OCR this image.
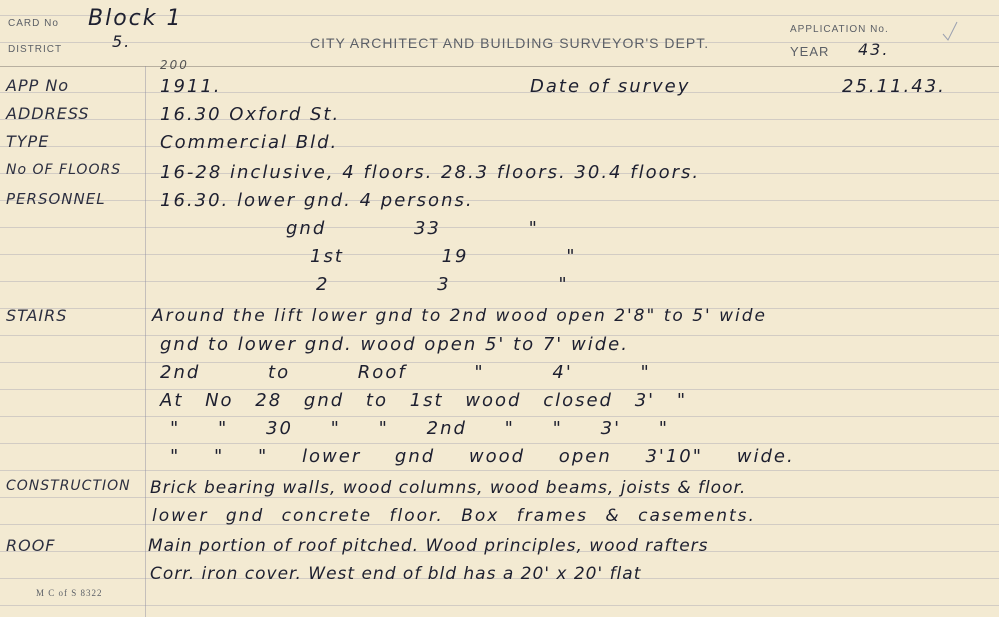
CARD No Block 1
DISTRICT	5.	CITY ARCHITECT AND BUILDING SURVEYOR'S DEPT.
APPLICATION No.
YEAR 43.
APP No
200
1911.	Date of survey	25.11.43.
ADDRESS	16.30 Oxford St.
TYPE	Commercial Bld.
No OF FLOORS 16-28 inclusive, 4 floors. 28.3 floors. 30.4 floors.
PERSONNEL	16.30. lower gnd. 4 persons.
gnd 33 "
1st 19 "
2 3 "
STAIRS	Around the lift lower gnd to 2nd wood open 2'8" to 5' wide
gnd to lower gnd. wood open 5' to 7' wide.
2nd to Roof " 4' "
At No 28 gnd to 1st wood closed 3' "
" " 30 " " 2nd " " 3' "
" " " lower gnd wood open 3'10" wide.
CONSTRUCTION Brick bearing walls, wood columns, wood beams, joists & floor.
lower gnd concrete floor. Box frames & casements.
ROOF	Main portion of roof pitched. Wood principles, wood rafters
Corr. iron cover. West end of bld has a 20' x 20' flat
M C of S 8322
